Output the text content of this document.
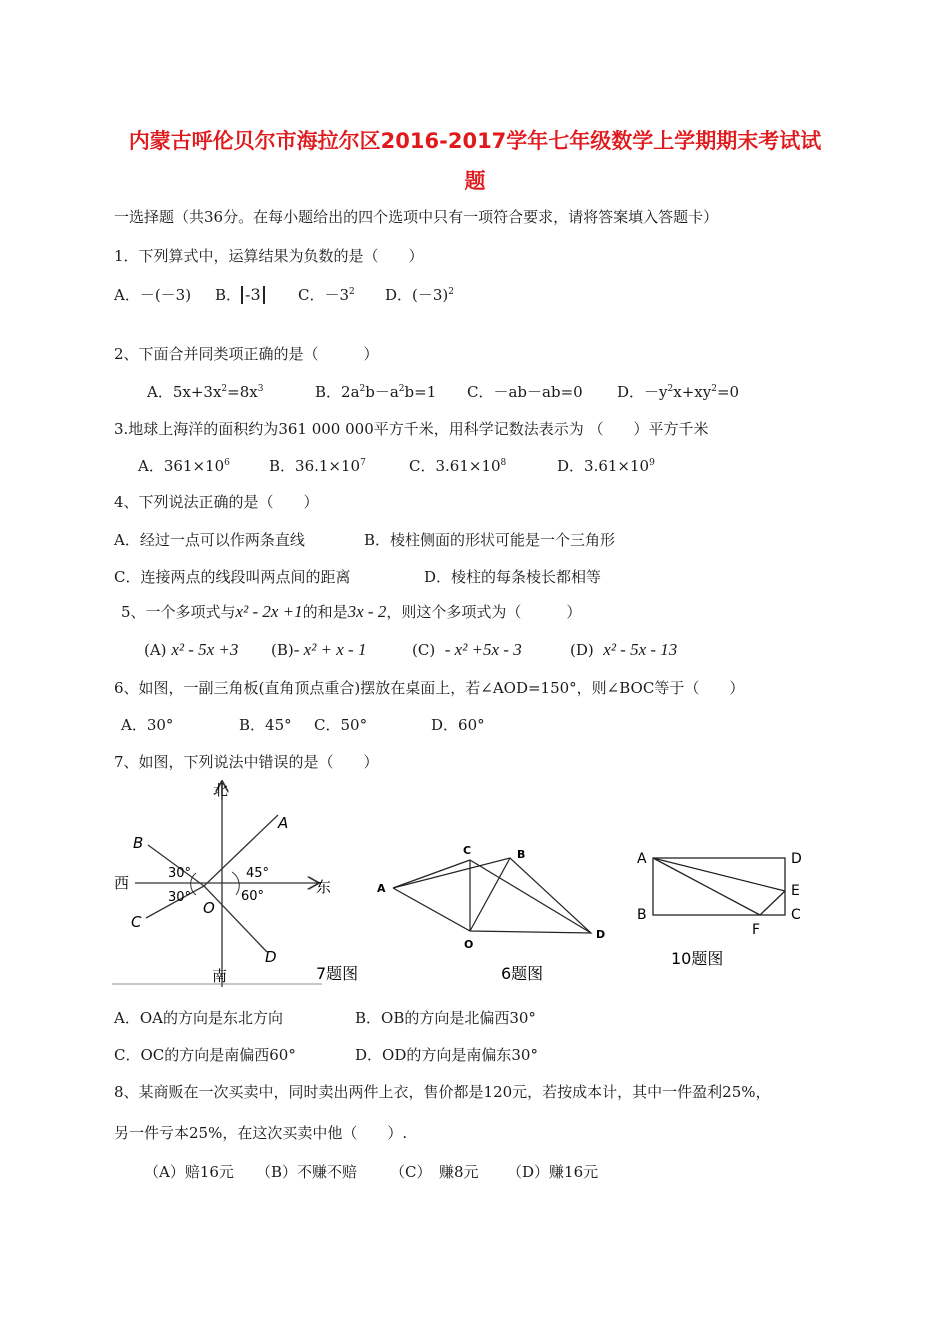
内蒙古呼伦贝尔市海拉尔区2016-2017学年七年级数学上学期期末考试试
题
一选择题（共36分。在每小题给出的四个选项中只有一项符合要求，请将答案填入答题卡）
1．下列算式中，运算结果为负数的是（　　）
A．－(－3) B． -3 C．$-3^2$ D．$(-3)^2$
2、下面合并同类项正确的是（　　　）
A．$5x+3x^2=8x^3$	B．$2a^2b-a^2b=1$ C．－ab－ab=0 D．$-y^2x+xy^2=0$
3.地球上海洋的面积约为361 000 000平方千米，用科学记数法表示为 （　　）平方千米
A．$361\times 10^6$	B．$36.1\times 10^7$	C．$3.61\times 10^8$	D．$3.61\times 10^9$
4、下列说法正确的是（　　）
A．经过一点可以作两条直线	B．棱柱侧面的形状可能是一个三角形
C．连接两点的线段叫两点间的距离	D．棱柱的每条棱长都相等
5、一个多项式与x² - 2x +1的和是3x - 2，则这个多项式为（　　　）
(A) x² - 5x +3 (B)- x² + x - 1	(C) - x² +5x - 3	(D) x² - 5x - 13
6、如图，一副三角板(直角顶点重合)摆放在桌面上，若∠AOD=150°，则∠BOC等于（　　）
A．30°	B．45° C．50°	D．60°
7、如图，下列说法中错误的是（　　）
北
南
西	东
A
B
C
D
O
30°
30°
45°
60°
7题图
A
B
C
D
O
6题图
A
B	C
D
E
F
10题图
A．OA的方向是东北方向	B．OB的方向是北偏西30°
C．OC的方向是南偏西60°	D．OD的方向是南偏东30°
8、某商贩在一次买卖中，同时卖出两件上衣，售价都是120元，若按成本计，其中一件盈利25%，
另一件亏本25%，在这次买卖中他（　　）.
（A）赔16元 （B）不赚不赔 （C）　赚8元 （D）赚16元
